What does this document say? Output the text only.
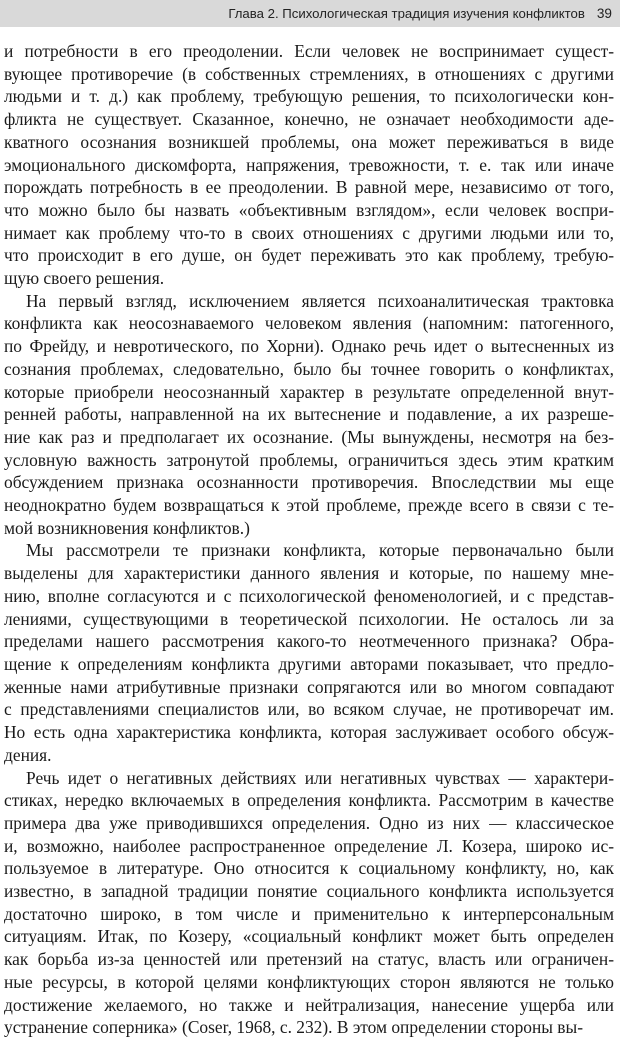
Глава 2. Психологическая традиция изучения конфликтов 39

и потребности в его преодолении. Если человек не воспринимает сущест-
вующее противоречие (в собственных стремлениях, в отношениях с другими
людьми и т. д.) как проблему, требующую решения, то психологически кон-
фликта не существует. Сказанное, конечно, не означает необходимости аде-
кватного осознания возникшей проблемы, она может переживаться в виде
эмоционального дискомфорта, напряжения, тревожности, т. е. так или иначе
порождать потребность в ее преодолении. В равной мере, независимо от того,
что можно было бы назвать «объективным взглядом», если человек воспри-
нимает как проблему что-то в своих отношениях с другими людьми или то,
что происходит в его душе, он будет переживать это как проблему, требую-
щую своего решения.

На первый взгляд, исключением является психоаналитическая трактовка
конфликта как неосознаваемого человеком явления (напомним: патогенного,
по Фрейду, и невротического, по Хорни). Однако речь идет о вытесненных из
сознания проблемах, следовательно, было бы точнее говорить о конфликтах,
которые приобрели неосознанный характер в результате определенной внут-
ренней работы, направленной на их вытеснение и подавление, а их разреше-
ние как раз и предполагает их осознание. (Мы вынуждены, несмотря на без-
условную важность затронутой проблемы, ограничиться здесь этим кратким
обсуждением признака осознанности противоречия. Впоследствии мы еще
неоднократно будем возвращаться к этой проблеме, прежде всего в связи с те-
мой возникновения конфликтов.)

Мы рассмотрели те признаки конфликта, которые первоначально были
выделены для характеристики данного явления и которые, по нашему мне-
нию, вполне согласуются и с психологической феноменологией, и с представ-
лениями, существующими в теоретической психологии. Не осталось ли за
пределами нашего рассмотрения какого-то неотмеченного признака? Обра-
щение к определениям конфликта другими авторами показывает, что предло-
женные нами атрибутивные признаки сопрягаются или во многом совпадают
с представлениями специалистов или, во всяком случае, не противоречат им.
Но есть одна характеристика конфликта, которая заслуживает особого обсуж-
дения.

Речь идет о негативных действиях или негативных чувствах — характери-
стиках, нередко включаемых в определения конфликта. Рассмотрим в качестве
примера два уже приводившихся определения. Одно из них — классическое
и, возможно, наиболее распространенное определение Л. Козера, широко ис-
пользуемое в литературе. Оно относится к социальному конфликту, но, как
известно, в западной традиции понятие социального конфликта используется
достаточно широко, в том числе и применительно к интерперсональным
ситуациям. Итак, по Козеру, «социальный конфликт может быть определен
как борьба из-за ценностей или претензий на статус, власть или ограничен-
ные ресурсы, в которой целями конфликтующих сторон являются не только
достижение желаемого, но также и нейтрализация, нанесение ущерба или
устранение соперника» (Coser, 1968, с. 232). В этом определении стороны вы-
